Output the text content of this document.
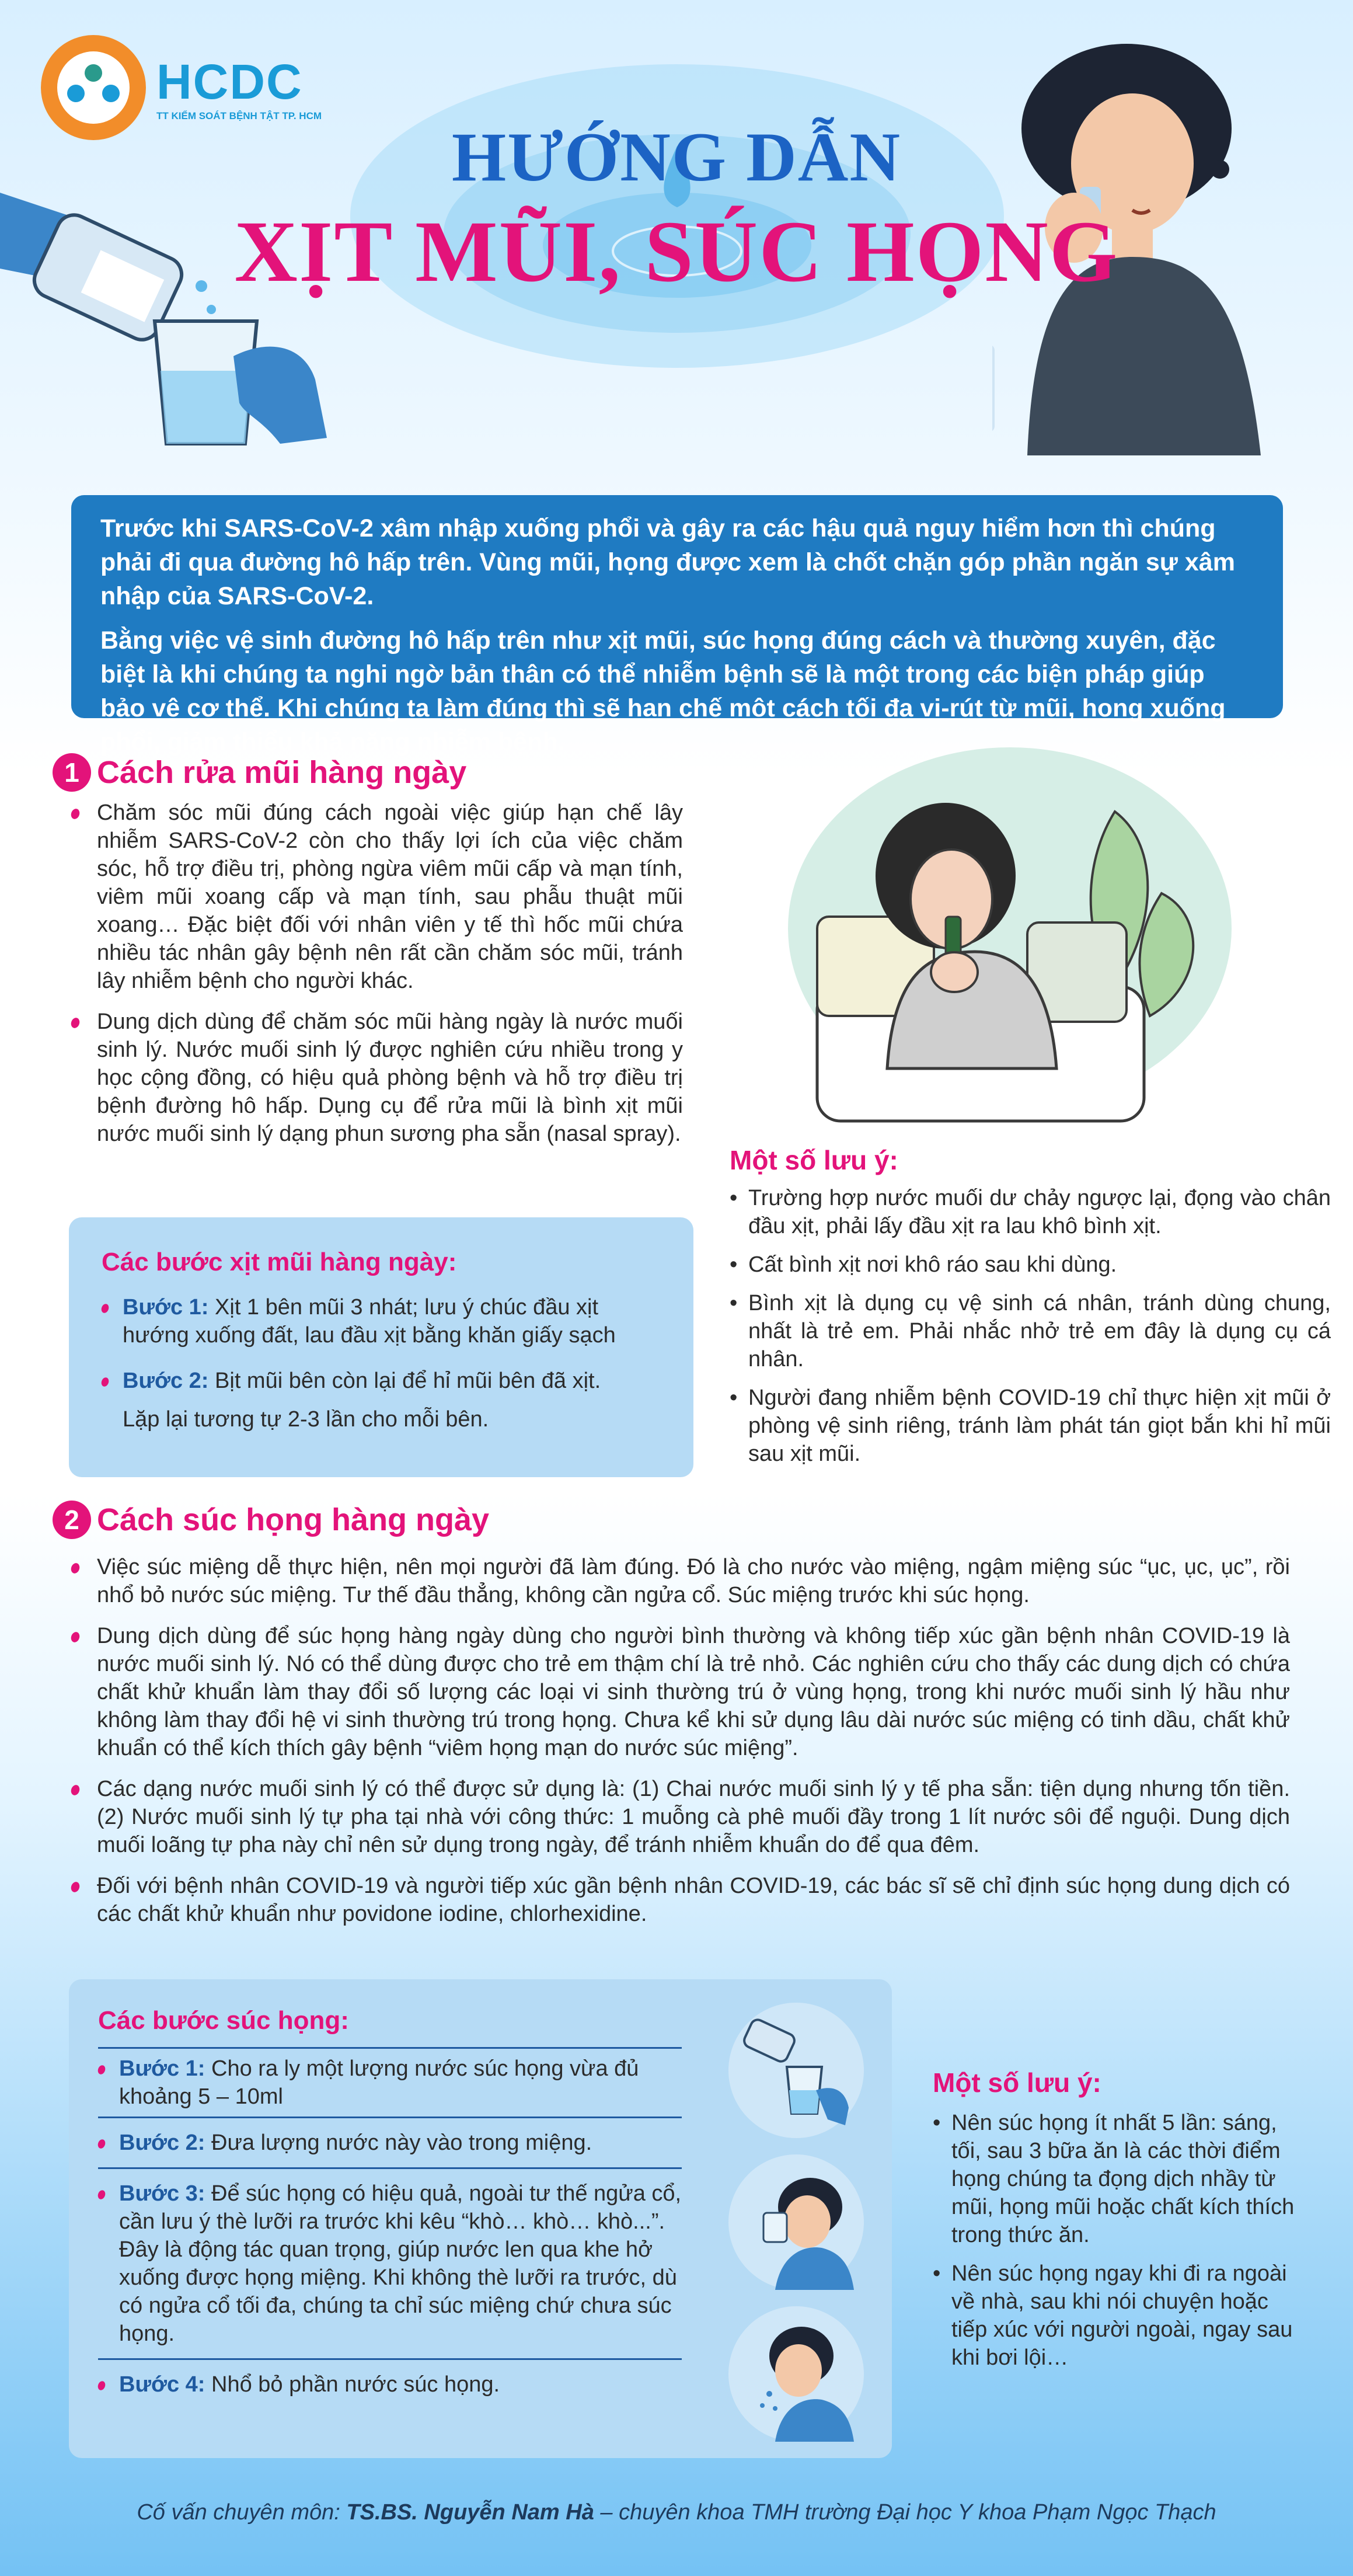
HCDC
TT KIỂM SOÁT BỆNH TẬT TP. HCM
HƯỚNG DẪN
XỊT MŨI, SÚC HỌNG

Trước khi SARS-CoV-2 xâm nhập xuống phổi và gây ra các hậu quả nguy hiểm hơn thì chúng phải đi qua đường hô hấp trên. Vùng mũi, họng được xem là chốt chặn góp phần ngăn sự xâm nhập của SARS-CoV-2.

Bằng việc vệ sinh đường hô hấp trên như xịt mũi, súc họng đúng cách và thường xuyên, đặc biệt là khi chúng ta nghi ngờ bản thân có thể nhiễm bệnh sẽ là một trong các biện pháp giúp bảo vệ cơ thể. Khi chúng ta làm đúng thì sẽ hạn chế một cách tối đa vi-rút từ mũi, họng xuống phổi, giảm thiểu khả năng nhiễm bệnh.

1 Cách rửa mũi hàng ngày
Chăm sóc mũi đúng cách ngoài việc giúp hạn chế lây nhiễm SARS-CoV-2 còn cho thấy lợi ích của việc chăm sóc, hỗ trợ điều trị, phòng ngừa viêm mũi cấp và mạn tính, viêm mũi xoang cấp và mạn tính, sau phẫu thuật mũi xoang… Đặc biệt đối với nhân viên y tế thì hốc mũi chứa nhiều tác nhân gây bệnh nên rất cần chăm sóc mũi, tránh lây nhiễm bệnh cho người khác.
Dung dịch dùng để chăm sóc mũi hàng ngày là nước muối sinh lý. Nước muối sinh lý được nghiên cứu nhiều trong y học cộng đồng, có hiệu quả phòng bệnh và hỗ trợ điều trị bệnh đường hô hấp. Dụng cụ để rửa mũi là bình xịt mũi nước muối sinh lý dạng phun sương pha sẵn (nasal spray).
Các bước xịt mũi hàng ngày:
Bước 1: Xịt 1 bên mũi 3 nhát; lưu ý chúc đầu xịt hướng xuống đất, lau đầu xịt bằng khăn giấy sạch
Bước 2: Bịt mũi bên còn lại để hỉ mũi bên đã xịt.
Lặp lại tương tự 2-3 lần cho mỗi bên.
Một số lưu ý:
• Trường hợp nước muối dư chảy ngược lại, đọng vào chân đầu xịt, phải lấy đầu xịt ra lau khô bình xịt.
• Cất bình xịt nơi khô ráo sau khi dùng.
• Bình xịt là dụng cụ vệ sinh cá nhân, tránh dùng chung, nhất là trẻ em. Phải nhắc nhở trẻ em đây là dụng cụ cá nhân.
• Người đang nhiễm bệnh COVID-19 chỉ thực hiện xịt mũi ở phòng vệ sinh riêng, tránh làm phát tán giọt bắn khi hỉ mũi sau xịt mũi.
2 Cách súc họng hàng ngày
Việc súc miệng dễ thực hiện, nên mọi người đã làm đúng. Đó là cho nước vào miệng, ngậm miệng súc “ục, ục, ục”, rồi nhổ bỏ nước súc miệng. Tư thế đầu thẳng, không cần ngửa cổ. Súc miệng trước khi súc họng.
Dung dịch dùng để súc họng hàng ngày dùng cho người bình thường và không tiếp xúc gần bệnh nhân COVID-19 là nước muối sinh lý. Nó có thể dùng được cho trẻ em thậm chí là trẻ nhỏ. Các nghiên cứu cho thấy các dung dịch có chứa chất khử khuẩn làm thay đổi số lượng các loại vi sinh thường trú ở vùng họng, trong khi nước muối sinh lý hầu như không làm thay đổi hệ vi sinh thường trú trong họng. Chưa kể khi sử dụng lâu dài nước súc miệng có tinh dầu, chất khử khuẩn có thể kích thích gây bệnh “viêm họng mạn do nước súc miệng”.
Các dạng nước muối sinh lý có thể được sử dụng là: (1) Chai nước muối sinh lý y tế pha sẵn: tiện dụng nhưng tốn tiền. (2) Nước muối sinh lý tự pha tại nhà với công thức: 1 muỗng cà phê muối đầy trong 1 lít nước sôi để nguội. Dung dịch muối loãng tự pha này chỉ nên sử dụng trong ngày, để tránh nhiễm khuẩn do để qua đêm.
Đối với bệnh nhân COVID-19 và người tiếp xúc gần bệnh nhân COVID-19, các bác sĩ sẽ chỉ định súc họng dung dịch có các chất khử khuẩn như povidone iodine, chlorhexidine.
Các bước súc họng:
Bước 1: Cho ra ly một lượng nước súc họng vừa đủ khoảng 5 – 10ml
Bước 2: Đưa lượng nước này vào trong miệng.
Bước 3: Để súc họng có hiệu quả, ngoài tư thế ngửa cổ, cần lưu ý thè lưỡi ra trước khi kêu “khò… khò… khò...”. Đây là động tác quan trọng, giúp nước len qua khe hở xuống được họng miệng. Khi không thè lưỡi ra trước, dù có ngửa cổ tối đa, chúng ta chỉ súc miệng chứ chưa súc họng.
Bước 4: Nhổ bỏ phần nước súc họng.
Một số lưu ý:
• Nên súc họng ít nhất 5 lần: sáng, tối, sau 3 bữa ăn là các thời điểm họng chúng ta đọng dịch nhầy từ mũi, họng mũi hoặc chất kích thích trong thức ăn.
• Nên súc họng ngay khi đi ra ngoài về nhà, sau khi nói chuyện hoặc tiếp xúc với người ngoài, ngay sau khi bơi lội…
Cố vấn chuyên môn: TS.BS. Nguyễn Nam Hà – chuyên khoa TMH trường Đại học Y khoa Phạm Ngọc Thạch
